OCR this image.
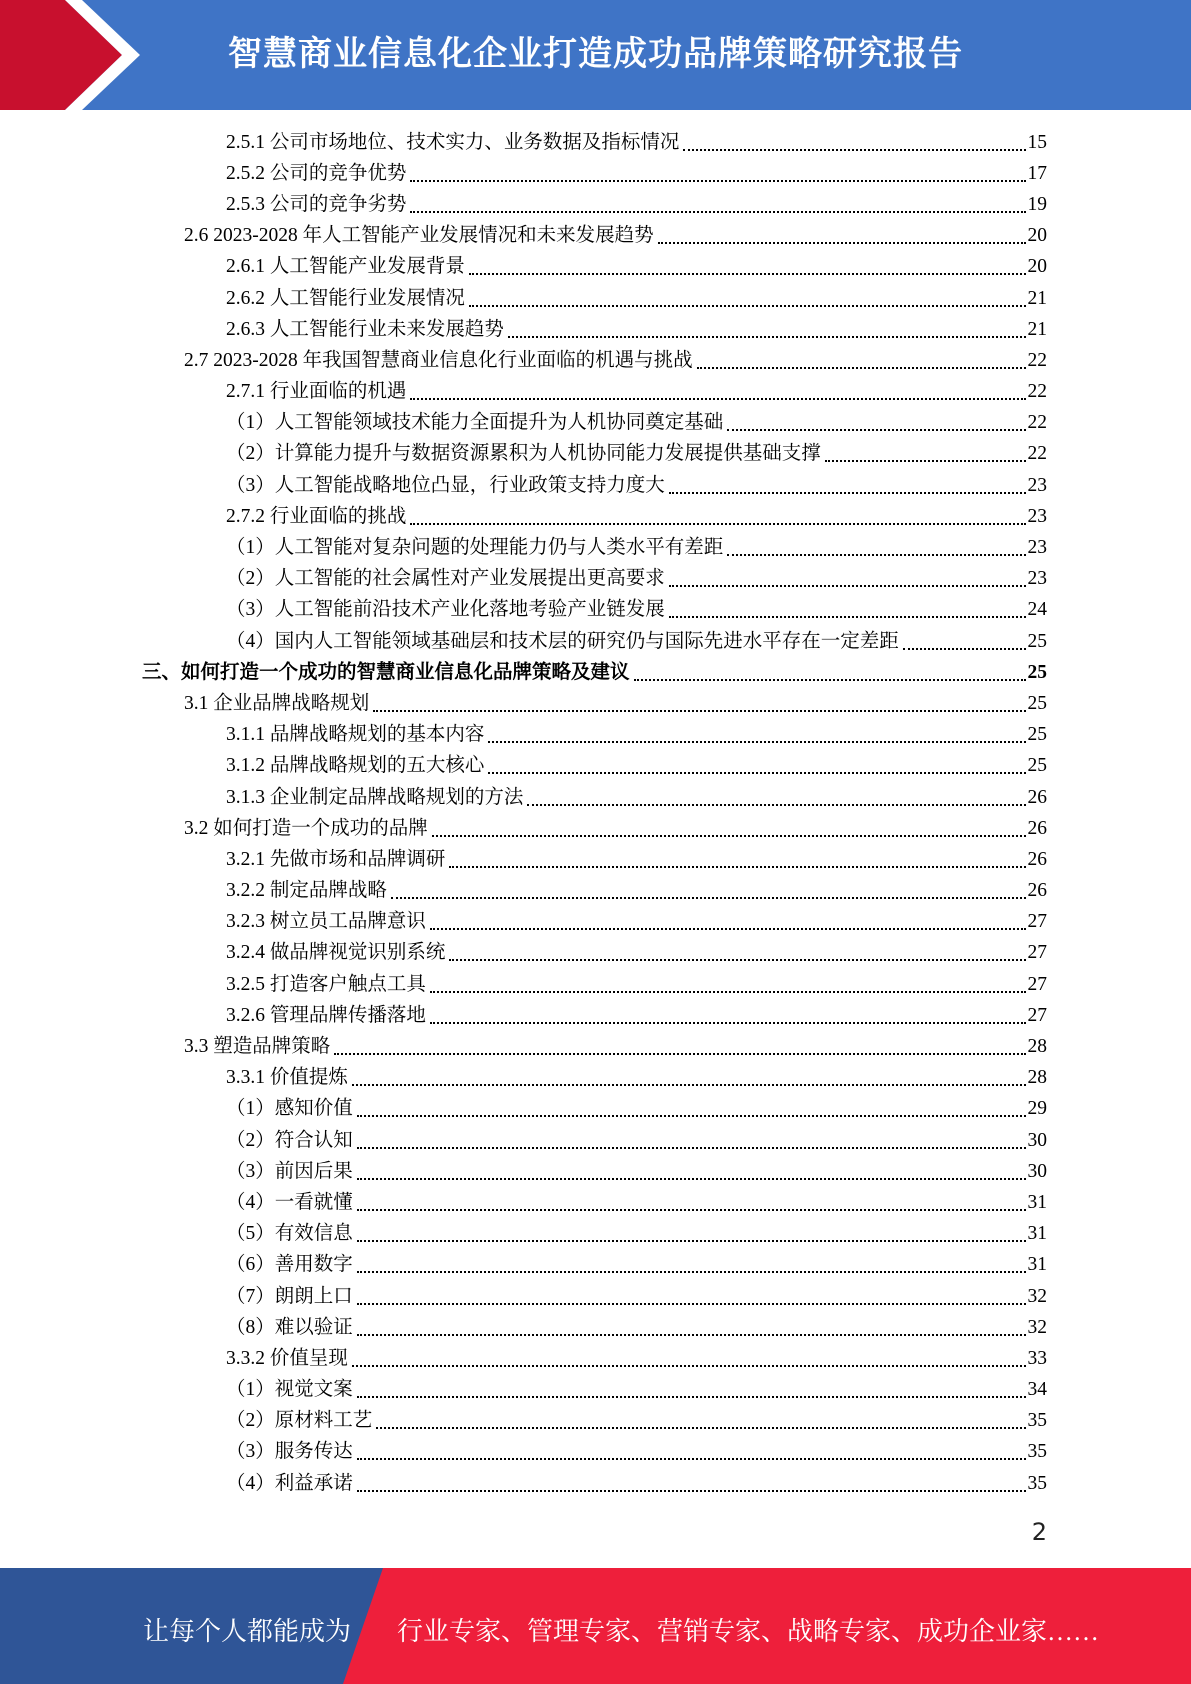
智慧商业信息化企业打造成功品牌策略研究报告
2.5.1 公司市场地位、技术实力、业务数据及指标情况	15
2.5.2 公司的竞争优势	17
2.5.3 公司的竞争劣势	19
2.6 2023-2028 年人工智能产业发展情况和未来发展趋势	20
2.6.1 人工智能产业发展背景	20
2.6.2 人工智能行业发展情况	21
2.6.3 人工智能行业未来发展趋势	21
2.7 2023-2028 年我国智慧商业信息化行业面临的机遇与挑战	22
2.7.1 行业面临的机遇	22
（1）人工智能领域技术能力全面提升为人机协同奠定基础	22
（2）计算能力提升与数据资源累积为人机协同能力发展提供基础支撑	22
（3）人工智能战略地位凸显，行业政策支持力度大	23
2.7.2 行业面临的挑战	23
（1）人工智能对复杂问题的处理能力仍与人类水平有差距	23
（2）人工智能的社会属性对产业发展提出更高要求	23
（3）人工智能前沿技术产业化落地考验产业链发展	24
（4）国内人工智能领域基础层和技术层的研究仍与国际先进水平存在一定差距	25
三、如何打造一个成功的智慧商业信息化品牌策略及建议	25
3.1 企业品牌战略规划	25
3.1.1 品牌战略规划的基本内容	25
3.1.2 品牌战略规划的五大核心	25
3.1.3 企业制定品牌战略规划的方法	26
3.2 如何打造一个成功的品牌	26
3.2.1 先做市场和品牌调研	26
3.2.2 制定品牌战略	26
3.2.3 树立员工品牌意识	27
3.2.4 做品牌视觉识别系统	27
3.2.5 打造客户触点工具	27
3.2.6 管理品牌传播落地	27
3.3 塑造品牌策略	28
3.3.1 价值提炼	28
（1）感知价值	29
（2）符合认知	30
（3）前因后果	30
（4）一看就懂	31
（5）有效信息	31
（6）善用数字	31
（7）朗朗上口	32
（8）难以验证	32
3.3.2 价值呈现	33
（1）视觉文案	34
（2）原材料工艺	35
（3）服务传达	35
（4）利益承诺	35
2
让每个人都能成为 行业专家、管理专家、营销专家、战略专家、成功企业家……
